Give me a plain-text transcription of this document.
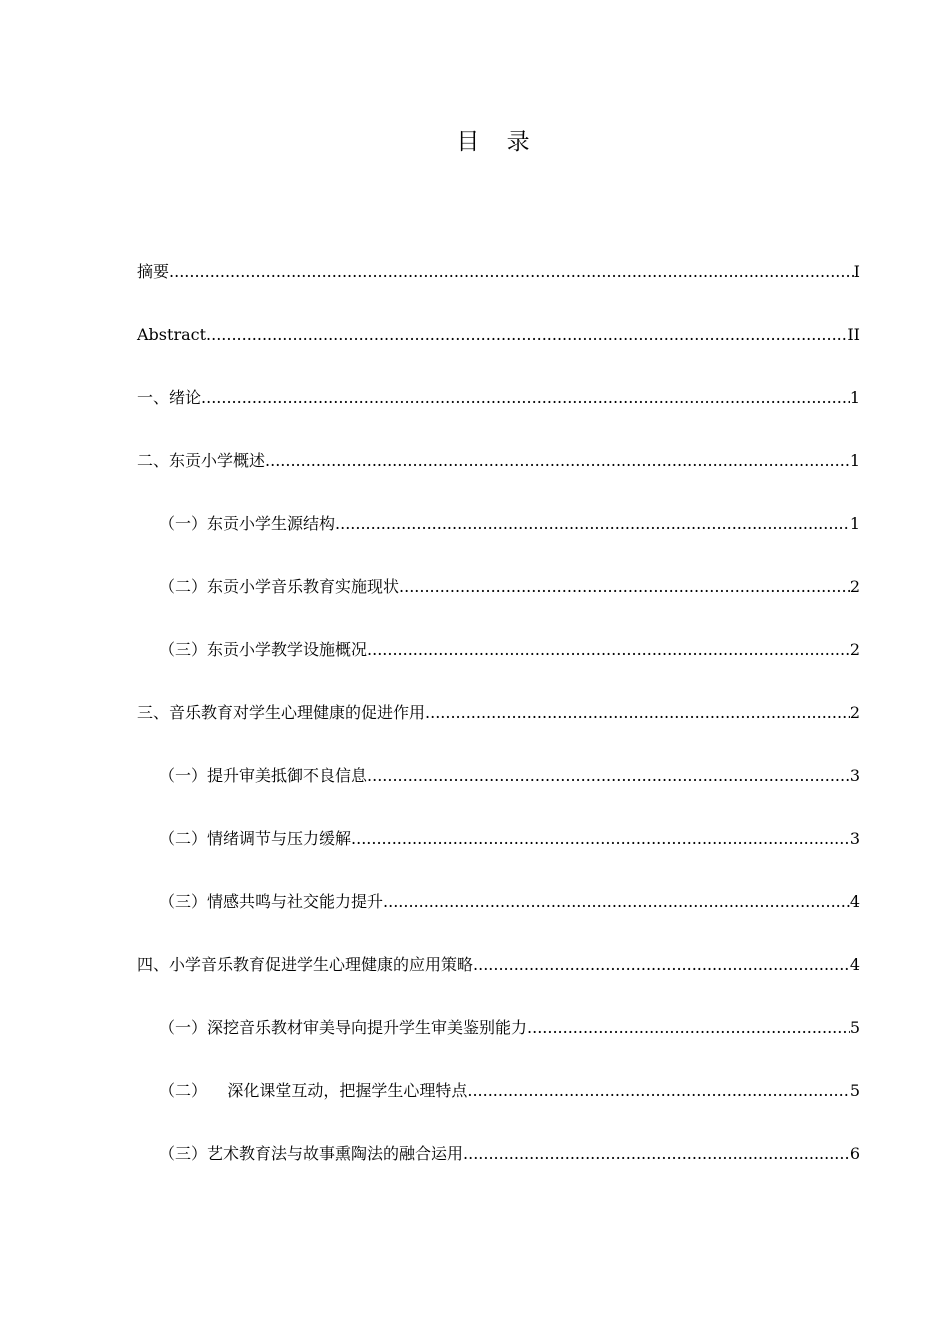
目 录
摘要 .....	I
Abstract .....	II
一、绪论 .....	1
二、东贡小学概述 .....	1
（一）东贡小学生源结构 .....	1
（二）东贡小学音乐教育实施现状 .....	2
（三）东贡小学教学设施概况 .....	2
三、音乐教育对学生心理健康的促进作用 .....	2
（一）提升审美抵御不良信息 .....	3
（二）情绪调节与压力缓解 .....	3
（三）情感共鸣与社交能力提升 .....	4
四、小学音乐教育促进学生心理健康的应用策略 .....	4
（一）深挖音乐教材审美导向提升学生审美鉴别能力 .....	5
（二）    深化课堂互动，把握学生心理特点 .....	5
（三）艺术教育法与故事熏陶法的融合运用 .....	6
